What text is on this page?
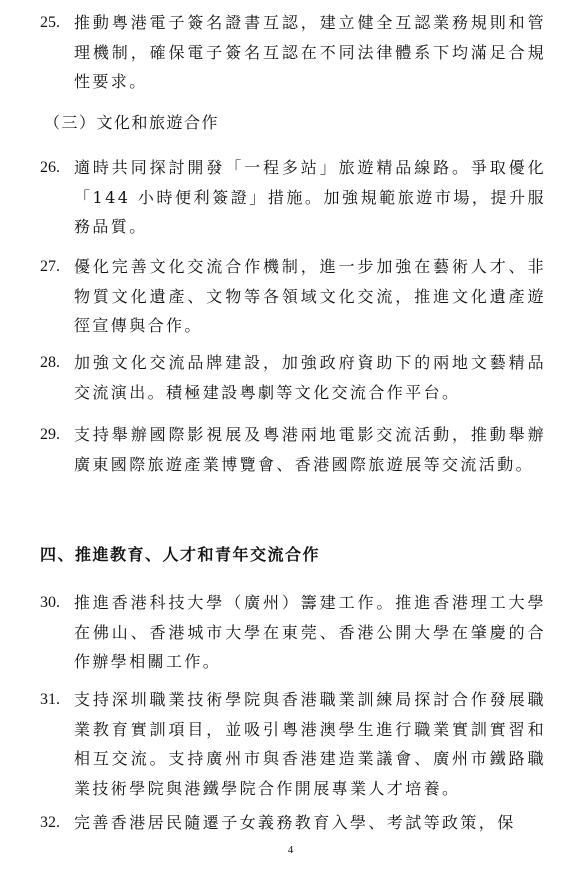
25. 推動粵港電子簽名證書互認，建立健全互認業務規則和管理機制，確保電子簽名互認在不同法律體系下均滿足合規性要求。
（三）文化和旅遊合作
26. 適時共同探討開發「一程多站」旅遊精品線路。爭取優化「144 小時便利簽證」措施。加強規範旅遊市場，提升服務品質。
27. 優化完善文化交流合作機制，進一步加強在藝術人才、非物質文化遺產、文物等各領域文化交流，推進文化遺產遊徑宣傳與合作。
28. 加強文化交流品牌建設，加強政府資助下的兩地文藝精品交流演出。積極建設粵劇等文化交流合作平台。
29. 支持舉辦國際影視展及粵港兩地電影交流活動，推動舉辦廣東國際旅遊產業博覽會、香港國際旅遊展等交流活動。
四、推進教育、人才和青年交流合作
30. 推進香港科技大學（廣州）籌建工作。推進香港理工大學在佛山、香港城市大學在東莞、香港公開大學在肇慶的合作辦學相關工作。
31. 支持深圳職業技術學院與香港職業訓練局探討合作發展職業教育實訓項目，並吸引粵港澳學生進行職業實訓實習和相互交流。支持廣州市與香港建造業議會、廣州市鐵路職業技術學院與港鐵學院合作開展專業人才培養。
32. 完善香港居民隨遷子女義務教育入學、考試等政策，保
4
